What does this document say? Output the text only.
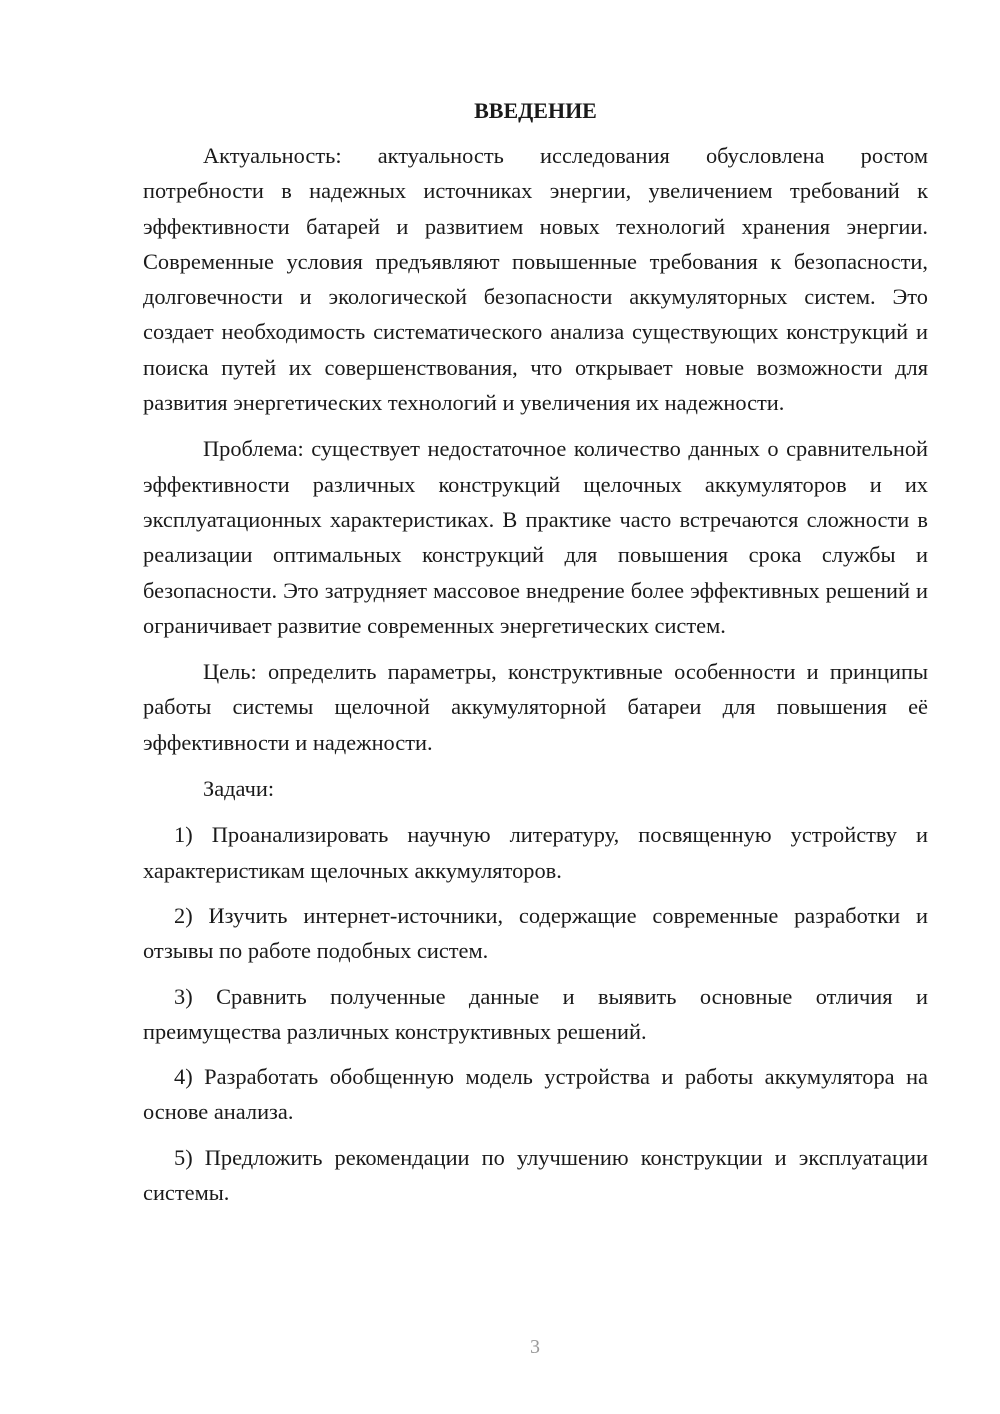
ВВЕДЕНИЕ

Актуальность: актуальность исследования обусловлена ростом потребности в надежных источниках энергии, увеличением требований к эффективности батарей и развитием новых технологий хранения энергии. Современные условия предъявляют повышенные требования к безопасности, долговечности и экологической безопасности аккумуляторных систем. Это создает необходимость систематического анализа существующих конструкций и поиска путей их совершенствования, что открывает новые возможности для развития энергетических технологий и увеличения их надежности.

Проблема: существует недостаточное количество данных о сравнительной эффективности различных конструкций щелочных аккумуляторов и их эксплуатационных характеристиках. В практике часто встречаются сложности в реализации оптимальных конструкций для повышения срока службы и безопасности. Это затрудняет массовое внедрение более эффективных решений и ограничивает развитие современных энергетических систем.

Цель: определить параметры, конструктивные особенности и принципы работы системы щелочной аккумуляторной батареи для повышения её эффективности и надежности.

Задачи:

1) Проанализировать научную литературу, посвященную устройству и характеристикам щелочных аккумуляторов.

2) Изучить интернет-источники, содержащие современные разработки и отзывы по работе подобных систем.

3) Сравнить полученные данные и выявить основные отличия и преимущества различных конструктивных решений.

4) Разработать обобщенную модель устройства и работы аккумулятора на основе анализа.

5) Предложить рекомендации по улучшению конструкции и эксплуатации системы.

3
